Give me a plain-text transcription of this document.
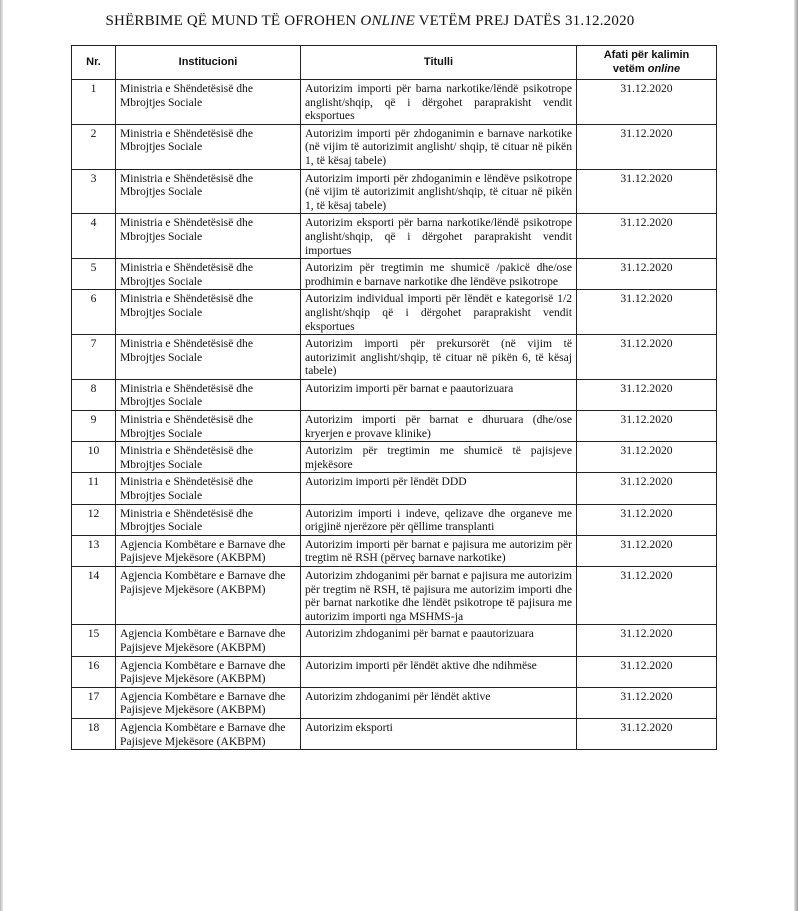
SHËRBIME QË MUND TË OFROHEN ONLINE VETËM PREJ DATËS 31.12.2020
Nr.	Institucioni	Titulli	Afati për kalimin
vetëm online

1	Ministria e Shëndetësisë dhe Mbrojtjes Sociale	Autorizim importi për barna narkotike/lëndë psikotrope anglisht/shqip, që i dërgohet paraprakisht vendit eksportues	31.12.2020
2	Ministria e Shëndetësisë dhe Mbrojtjes Sociale	Autorizim importi për zhdoganimin e barnave narkotike (në vijim të autorizimit anglisht/ shqip, të cituar në pikën 1, të kësaj tabele)	31.12.2020
3	Ministria e Shëndetësisë dhe Mbrojtjes Sociale	Autorizim importi për zhdoganimin e lëndëve psikotrope (në vijim të autorizimit anglisht/shqip, të cituar në pikën 1, të kësaj tabele)	31.12.2020
4	Ministria e Shëndetësisë dhe Mbrojtjes Sociale	Autorizim eksporti për barna narkotike/lëndë psikotrope anglisht/shqip, që i dërgohet paraprakisht vendit importues	31.12.2020
5	Ministria e Shëndetësisë dhe Mbrojtjes Sociale	Autorizim për tregtimin me shumicë /pakicë dhe/ose prodhimin e barnave narkotike dhe lëndëve psikotrope	31.12.2020
6	Ministria e Shëndetësisë dhe Mbrojtjes Sociale	Autorizim individual importi për lëndët e kategorisë 1/2 anglisht/shqip që i dërgohet paraprakisht vendit eksportues	31.12.2020
7	Ministria e Shëndetësisë dhe Mbrojtjes Sociale	Autorizim importi për prekursorët (në vijim të autorizimit anglisht/shqip, të cituar në pikën 6, të kësaj tabele)	31.12.2020
8	Ministria e Shëndetësisë dhe Mbrojtjes Sociale	Autorizim importi për barnat e paautorizuara	31.12.2020
9	Ministria e Shëndetësisë dhe Mbrojtjes Sociale	Autorizim importi për barnat e dhuruara (dhe/ose kryerjen e provave klinike)	31.12.2020
10	Ministria e Shëndetësisë dhe Mbrojtjes Sociale	Autorizim për tregtimin me shumicë të pajisjeve mjekësore	31.12.2020
11	Ministria e Shëndetësisë dhe Mbrojtjes Sociale	Autorizim importi për lëndët DDD	31.12.2020
12	Ministria e Shëndetësisë dhe Mbrojtjes Sociale	Autorizim importi i indeve, qelizave dhe organeve me origjinë njerëzore për qëllime transplanti	31.12.2020
13	Agjencia Kombëtare e Barnave dhe Pajisjeve Mjekësore (AKBPM)	Autorizim importi për barnat e pajisura me autorizim për tregtim në RSH (përveç barnave narkotike)	31.12.2020
14	Agjencia Kombëtare e Barnave dhe Pajisjeve Mjekësore (AKBPM)	Autorizim zhdoganimi për barnat e pajisura me autorizim për tregtim në RSH, të pajisura me autorizim importi dhe për barnat narkotike dhe lëndët psikotrope të pajisura me autorizim importi nga MSHMS-ja	31.12.2020
15	Agjencia Kombëtare e Barnave dhe Pajisjeve Mjekësore (AKBPM)	Autorizim zhdoganimi për barnat e paautorizuara	31.12.2020
16	Agjencia Kombëtare e Barnave dhe Pajisjeve Mjekësore (AKBPM)	Autorizim importi për lëndët aktive dhe ndihmëse	31.12.2020
17	Agjencia Kombëtare e Barnave dhe Pajisjeve Mjekësore (AKBPM)	Autorizim zhdoganimi për lëndët aktive	31.12.2020
18	Agjencia Kombëtare e Barnave dhe Pajisjeve Mjekësore (AKBPM)	Autorizim eksporti	31.12.2020
